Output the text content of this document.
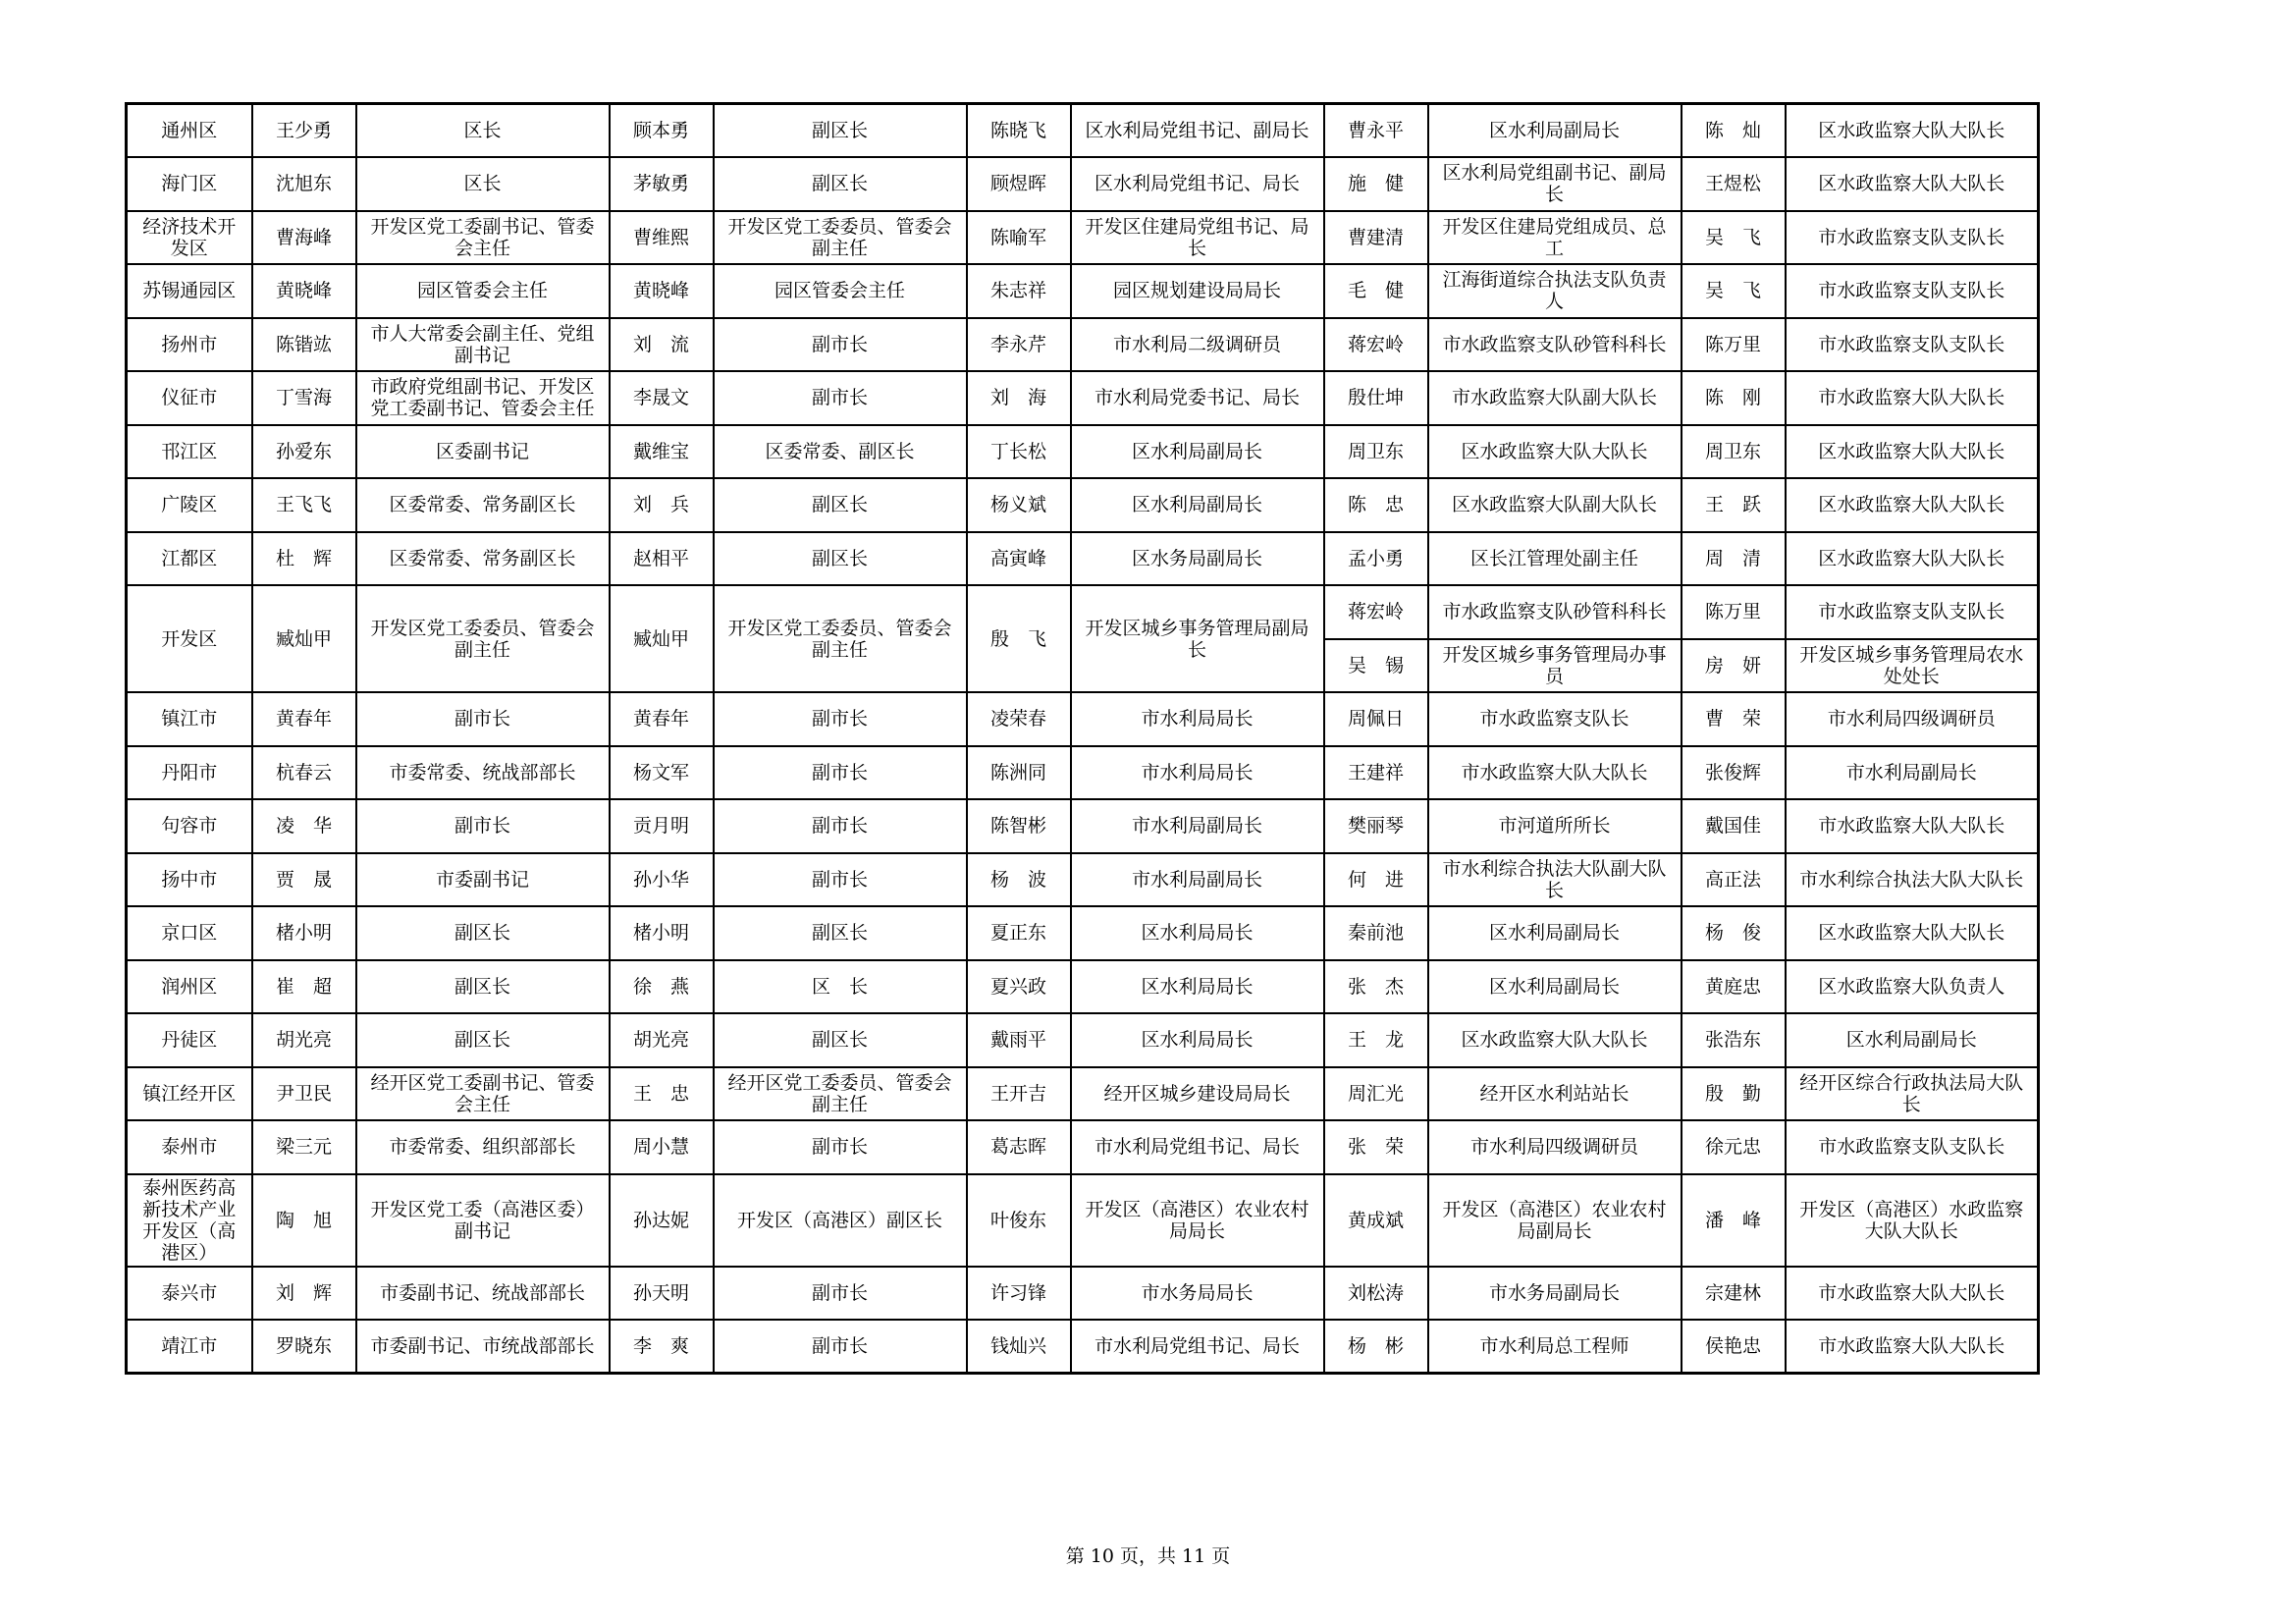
通州区	王少勇	区长	顾本勇	副区长	陈晓飞	区水利局党组书记、副局长	曹永平	区水利局副局长	陈　灿	区水政监察大队大队长
海门区	沈旭东	区长	茅敏勇	副区长	顾煜晖	区水利局党组书记、局长	施　健	区水利局党组副书记、副局长	王煜松	区水政监察大队大队长
经济技术开发区	曹海峰	开发区党工委副书记、管委会主任	曹维熙	开发区党工委委员、管委会副主任	陈喻军	开发区住建局党组书记、局长	曹建清	开发区住建局党组成员、总工	吴　飞	市水政监察支队支队长
苏锡通园区	黄晓峰	园区管委会主任	黄晓峰	园区管委会主任	朱志祥	园区规划建设局局长	毛　健	江海街道综合执法支队负责人	吴　飞	市水政监察支队支队长
扬州市	陈锴竑	市人大常委会副主任、党组副书记	刘　流	副市长	李永芹	市水利局二级调研员	蒋宏岭	市水政监察支队砂管科科长	陈万里	市水政监察支队支队长
仪征市	丁雪海	市政府党组副书记、开发区党工委副书记、管委会主任	李晟文	副市长	刘　海	市水利局党委书记、局长	殷仕坤	市水政监察大队副大队长	陈　刚	市水政监察大队大队长
邗江区	孙爱东	区委副书记	戴维宝	区委常委、副区长	丁长松	区水利局副局长	周卫东	区水政监察大队大队长	周卫东	区水政监察大队大队长
广陵区	王飞飞	区委常委、常务副区长	刘　兵	副区长	杨义斌	区水利局副局长	陈　忠	区水政监察大队副大队长	王　跃	区水政监察大队大队长
江都区	杜　辉	区委常委、常务副区长	赵相平	副区长	高寅峰	区水务局副局长	孟小勇	区长江管理处副主任	周　清	区水政监察大队大队长
开发区	臧灿甲	开发区党工委委员、管委会副主任	臧灿甲	开发区党工委委员、管委会副主任	殷　飞	开发区城乡事务管理局副局长	蒋宏岭	市水政监察支队砂管科科长	陈万里	市水政监察支队支队长
							吴　锡	开发区城乡事务管理局办事员	房　妍	开发区城乡事务管理局农水处处长
镇江市	黄春年	副市长	黄春年	副市长	凌荣春	市水利局局长	周佩日	市水政监察支队长	曹　荣	市水利局四级调研员
丹阳市	杭春云	市委常委、统战部部长	杨文军	副市长	陈洲同	市水利局局长	王建祥	市水政监察大队大队长	张俊辉	市水利局副局长
句容市	凌　华	副市长	贡月明	副市长	陈智彬	市水利局副局长	樊丽琴	市河道所所长	戴国佳	市水政监察大队大队长
扬中市	贾　晟	市委副书记	孙小华	副市长	杨　波	市水利局副局长	何　进	市水利综合执法大队副大队长	高正法	市水利综合执法大队大队长
京口区	楮小明	副区长	楮小明	副区长	夏正东	区水利局局长	秦前池	区水利局副局长	杨　俊	区水政监察大队大队长
润州区	崔　超	副区长	徐　燕	区　长	夏兴政	区水利局局长	张　杰	区水利局副局长	黄庭忠	区水政监察大队负责人
丹徒区	胡光亮	副区长	胡光亮	副区长	戴雨平	区水利局局长	王　龙	区水政监察大队大队长	张浩东	区水利局副局长
镇江经开区	尹卫民	经开区党工委副书记、管委会主任	王　忠	经开区党工委委员、管委会副主任	王开吉	经开区城乡建设局局长	周汇光	经开区水利站站长	殷　勤	经开区综合行政执法局大队长
泰州市	梁三元	市委常委、组织部部长	周小慧	副市长	葛志晖	市水利局党组书记、局长	张　荣	市水利局四级调研员	徐元忠	市水政监察支队支队长
泰州医药高新技术产业开发区（高港区）	陶　旭	开发区党工委（高港区委）副书记	孙达妮	开发区（高港区）副区长	叶俊东	开发区（高港区）农业农村局局长	黄成斌	开发区（高港区）农业农村局副局长	潘　峰	开发区（高港区）水政监察大队大队长
泰兴市	刘　辉	市委副书记、统战部部长	孙天明	副市长	许习锋	市水务局局长	刘松涛	市水务局副局长	宗建林	市水政监察大队大队长
靖江市	罗晓东	市委副书记、市统战部部长	李　爽	副市长	钱灿兴	市水利局党组书记、局长	杨　彬	市水利局总工程师	侯艳忠	市水政监察大队大队长
第 10 页，共 11 页
